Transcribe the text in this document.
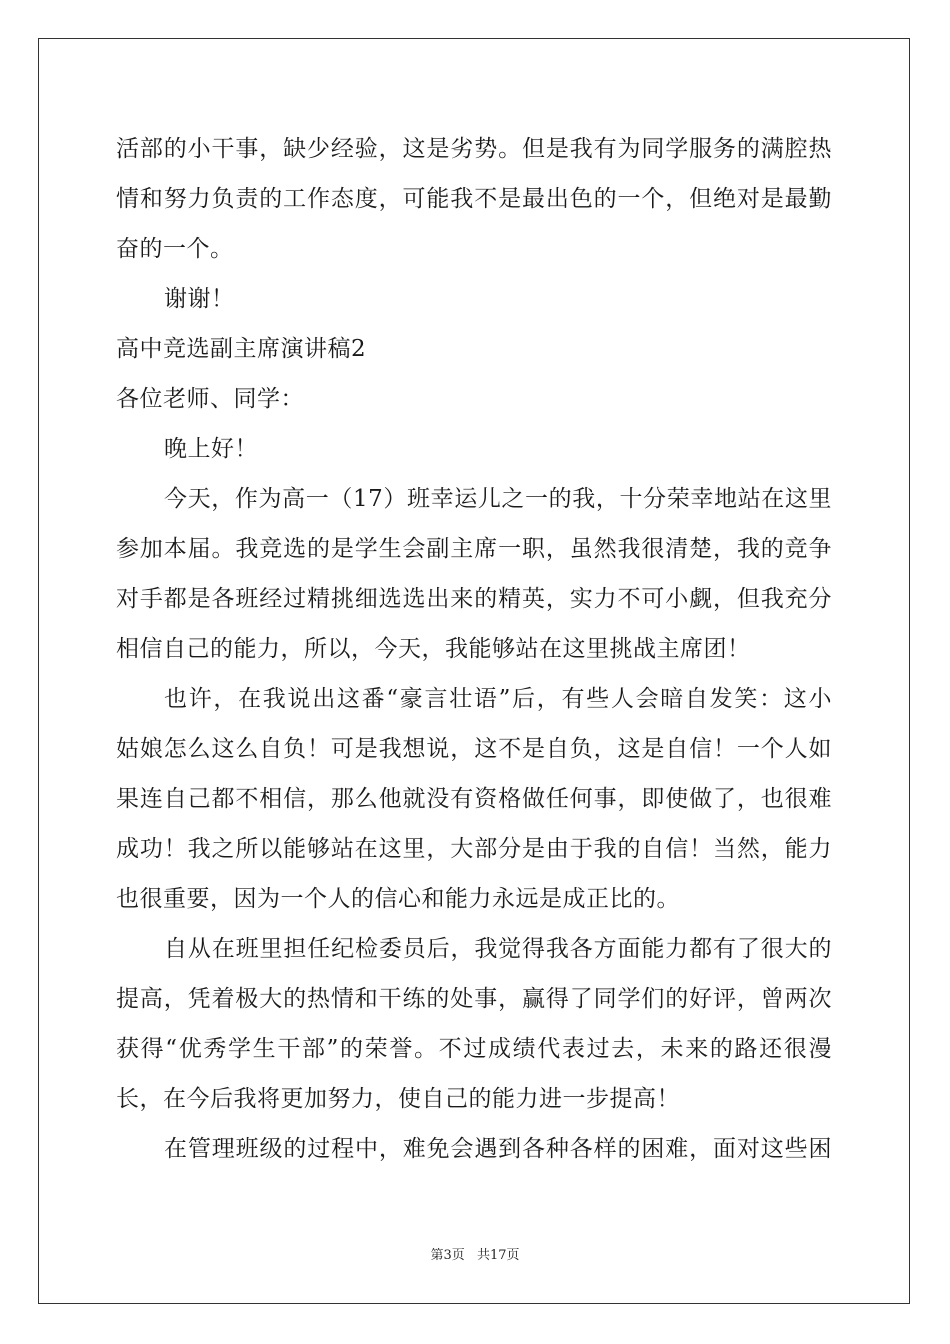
活部的小干事，缺少经验，这是劣势。但是我有为同学服务的满腔热
情和努力负责的工作态度，可能我不是最出色的一个，但绝对是最勤
奋的一个。
谢谢！
高中竞选副主席演讲稿2
各位老师、同学：
晚上好！
今天，作为高一（17）班幸运儿之一的我，十分荣幸地站在这里
参加本届。我竞选的是学生会副主席一职，虽然我很清楚，我的竞争
对手都是各班经过精挑细选选出来的精英，实力不可小觑，但我充分
相信自己的能力，所以，今天，我能够站在这里挑战主席团！
也许，在我说出这番“豪言壮语”后，有些人会暗自发笑：这小
姑娘怎么这么自负！可是我想说，这不是自负，这是自信！一个人如
果连自己都不相信，那么他就没有资格做任何事，即使做了，也很难
成功！我之所以能够站在这里，大部分是由于我的自信！当然，能力
也很重要，因为一个人的信心和能力永远是成正比的。
自从在班里担任纪检委员后，我觉得我各方面能力都有了很大的
提高，凭着极大的热情和干练的处事，赢得了同学们的好评，曾两次
获得“优秀学生干部”的荣誉。不过成绩代表过去，未来的路还很漫
长，在今后我将更加努力，使自己的能力进一步提高！
在管理班级的过程中，难免会遇到各种各样的困难，面对这些困
第3页 共17页
